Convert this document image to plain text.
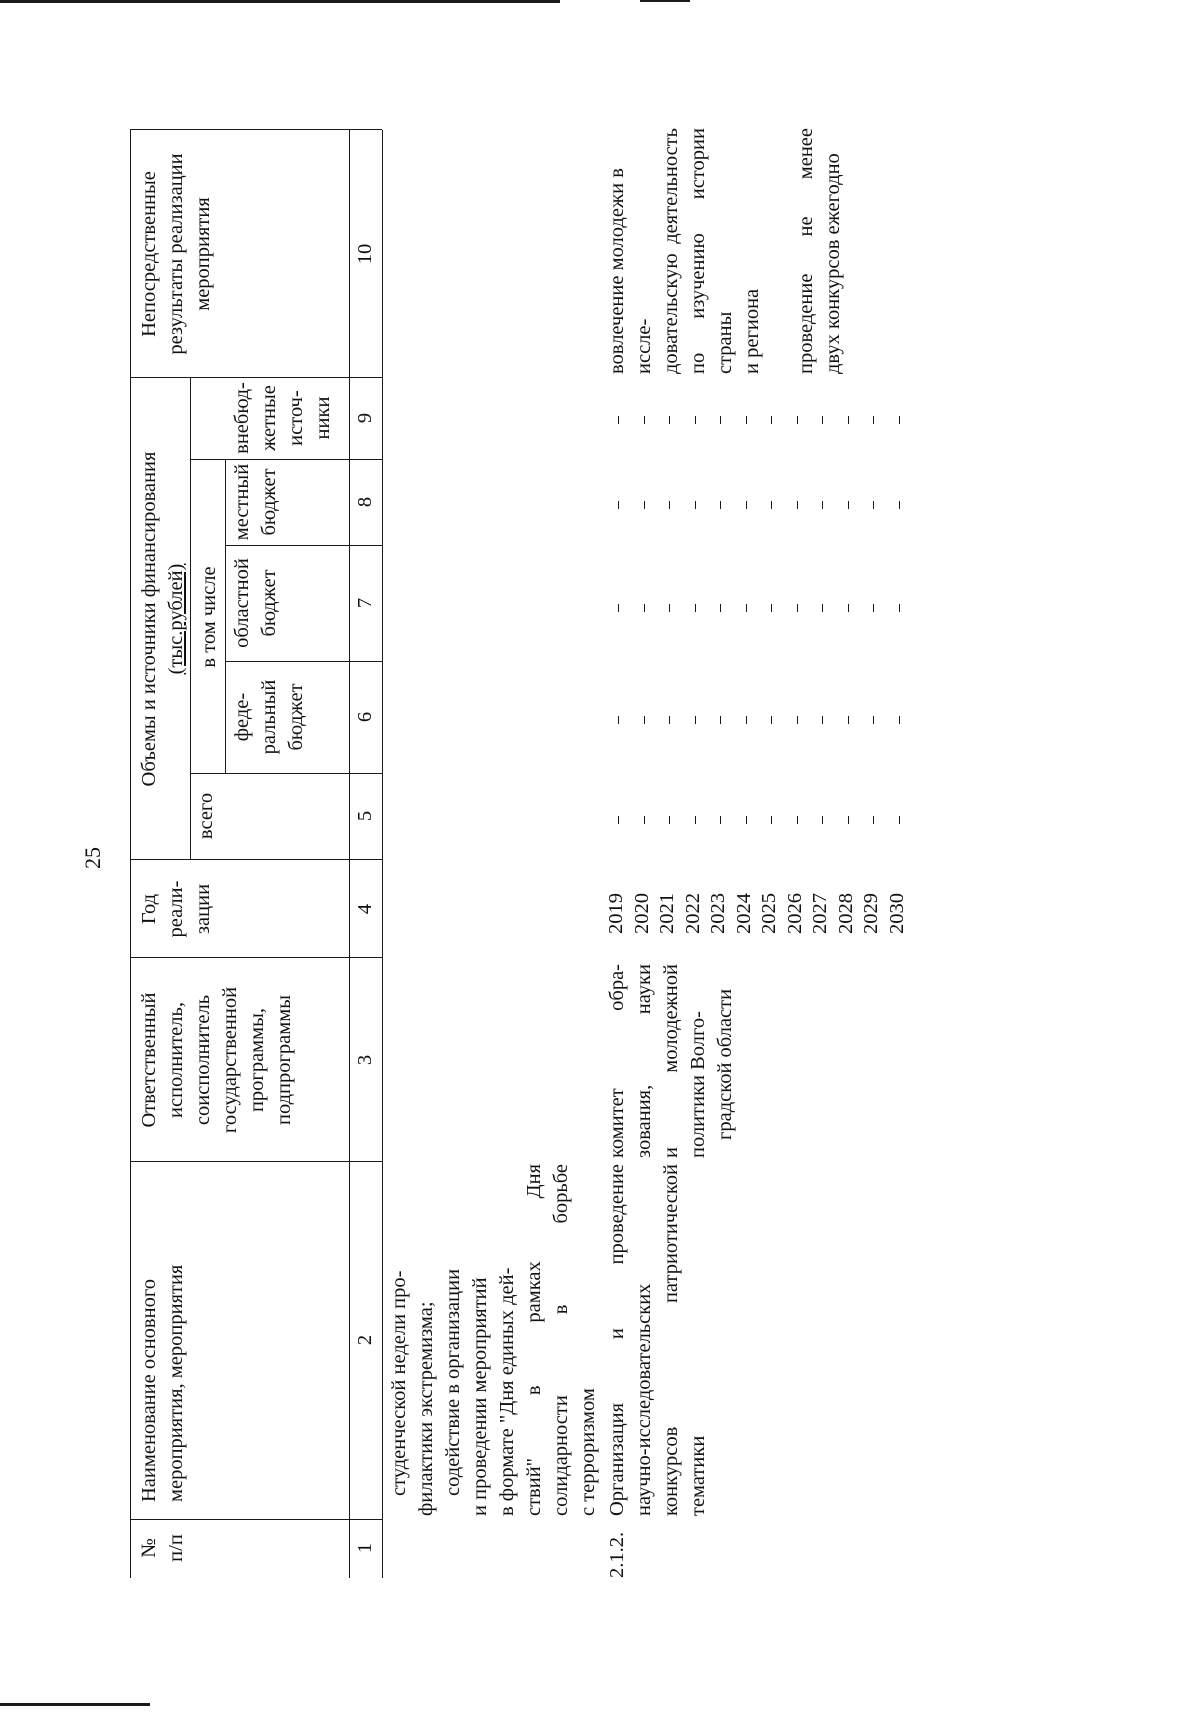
25
№ п/п
Наименование основного мероприятия, мероприятия
Ответственный исполнитель, соисполнитель государственной программы, подпрограммы
Год реали- зации
Объемы и источники финансирования (тыс.рублей)
всего
в том числе
феде- ральный бюджет
областной бюджет
местный бюджет
внебюд- жетные источ- ники
Непосредственные результаты реализации мероприятия
1
2
3
4
5
6
7
8
9
10
студенческой недели про- филактики экстремизма; содействие в организации и проведении мероприятий в формате "Дня единых дей- ствий" в рамках Дня солидарности в борьбе с терроризмом
2.1.2.
Организация и проведение научно-исследовательских конкурсов патриотической тематики
комитет обра- зования, науки и молодежной политики Волго- градской области
2019 2020 2021 2022 2023 2024 2025 2026 2027 2028 2029 2030
вовлечение молодежи в иссле- довательскую деятельность по изучению истории страны и региона проведение не менее двух конкурсов ежегодно
